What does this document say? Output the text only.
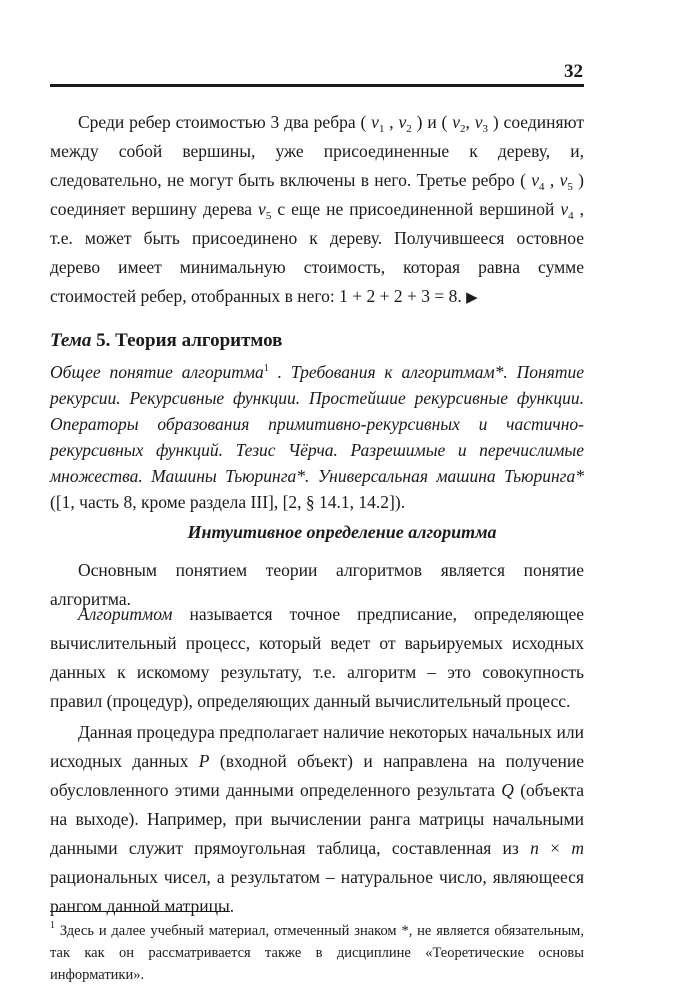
32

Среди ребер стоимостью 3 два ребра ( $v_1$ , $v_2$ ) и ( $v_2$, $v_3$ ) соединяют между собой вершины, уже присоединенные к дереву, и, следовательно, не могут быть включены в него. Третье ребро ( $v_4$ , $v_5$ ) соединяет вершину дерева $v_5$ с еще не присоединенной вершиной $v_4$ , т.е. может быть присоединено к дереву. Получившееся остовное дерево имеет минимальную стоимость, которая равна сумме стоимостей ребер, отобранных в него: 1 + 2 + 2 + 3 = 8. ▶

Тема 5. Теория алгоритмов
Общее понятие алгоритма$^1$ . Требования к алгоритмам*. Понятие рекурсии. Рекурсивные функции. Простейшие рекурсивные функции. Операторы образования примитивно-рекурсивных и частично-рекурсивных функций. Тезис Чёрча. Разрешимые и перечислимые множества. Машины Тьюринга*. Универсальная машина Тьюринга* ([1, часть 8, кроме раздела III], [2, § 14.1, 14.2]).
Интуитивное определение алгоритма

Основным понятием теории алгоритмов является понятие алгоритма.

Алгоритмом называется точное предписание, определяющее вычислительный процесс, который ведет от варьируемых исходных данных к искомому результату, т.е. алгоритм – это совокупность правил (процедур), определяющих данный вычислительный процесс.

Данная процедура предполагает наличие некоторых начальных или исходных данных P (входной объект) и направлена на получение обусловленного этими данными определенного результата Q (объекта на выходе). Например, при вычислении ранга матрицы начальными данными служит прямоугольная таблица, составленная из n × m рациональных чисел, а результатом – натуральное число, являющееся рангом данной матрицы.

$^1$ Здесь и далее учебный материал, отмеченный знаком *, не является обязательным, так как он рассматривается также в дисциплине «Теоретические основы информатики».
